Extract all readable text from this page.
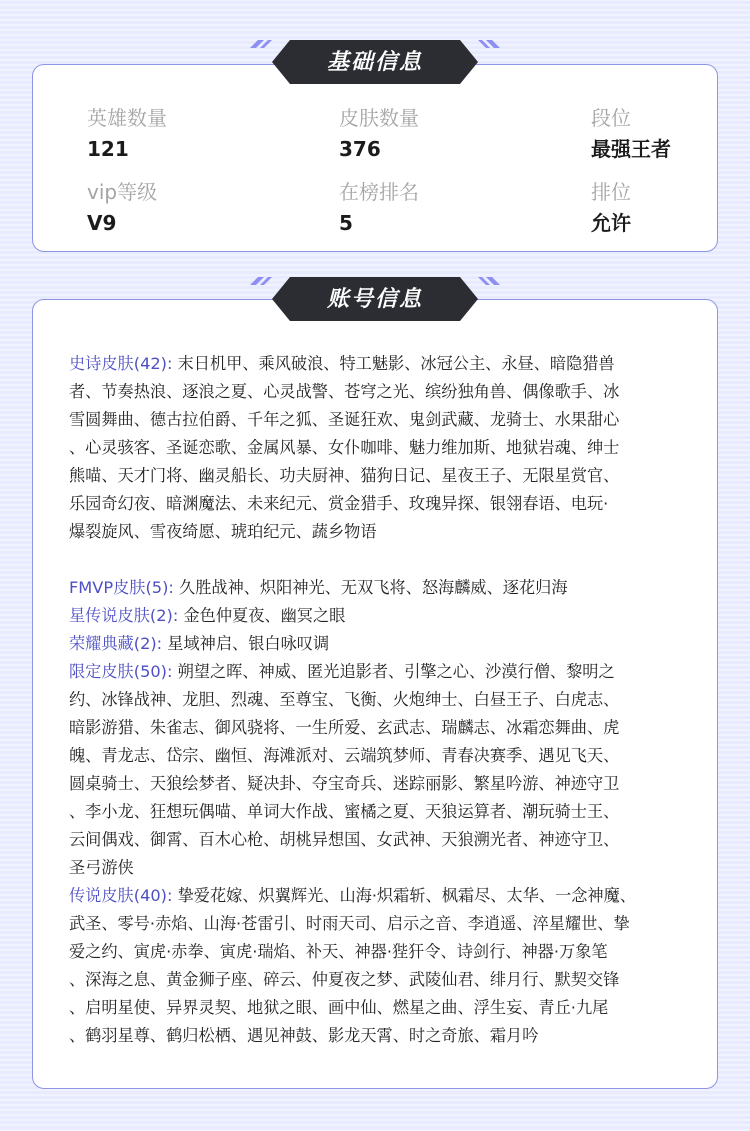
英雄数量
121
皮肤数量
376
段位
最强王者
vip等级
V9
在榜排名
5
排位
允许
史诗皮肤(42): 末日机甲、乘风破浪、特工魅影、冰冠公主、永昼、暗隐猎兽
者、节奏热浪、逐浪之夏、心灵战警、苍穹之光、缤纷独角兽、偶像歌手、冰
雪圆舞曲、德古拉伯爵、千年之狐、圣诞狂欢、鬼剑武藏、龙骑士、水果甜心
、心灵骇客、圣诞恋歌、金属风暴、女仆咖啡、魅力维加斯、地狱岩魂、绅士
熊喵、天才门将、幽灵船长、功夫厨神、猫狗日记、星夜王子、无限星赏官、
乐园奇幻夜、暗渊魔法、未来纪元、赏金猎手、玫瑰异探、银翎春语、电玩·
爆裂旋风、雪夜绮愿、琥珀纪元、蔬乡物语
FMVP皮肤(5): 久胜战神、炽阳神光、无双飞将、怒海麟威、逐花归海
星传说皮肤(2): 金色仲夏夜、幽冥之眼
荣耀典藏(2): 星域神启、银白咏叹调
限定皮肤(50): 朔望之晖、神威、匿光追影者、引擎之心、沙漠行僧、黎明之
约、冰锋战神、龙胆、烈魂、至尊宝、飞衡、火炮绅士、白昼王子、白虎志、
暗影游猎、朱雀志、御风骁将、一生所爱、玄武志、瑞麟志、冰霜恋舞曲、虎
魄、青龙志、岱宗、幽恒、海滩派对、云端筑梦师、青春决赛季、遇见飞天、
圆桌骑士、天狼绘梦者、疑决卦、夺宝奇兵、迷踪丽影、繁星吟游、神迹守卫
、李小龙、狂想玩偶喵、单词大作战、蜜橘之夏、天狼运算者、潮玩骑士王、
云间偶戏、御霄、百木心枪、胡桃异想国、女武神、天狼溯光者、神迹守卫、
圣弓游侠
传说皮肤(40): 挚爱花嫁、炽翼辉光、山海·炽霜斩、枫霜尽、太华、一念神魔、
武圣、零号·赤焰、山海·苍雷引、时雨天司、启示之音、李逍遥、淬星耀世、挚
爱之约、寅虎·赤拳、寅虎·瑞焰、补天、神器·狴犴令、诗剑行、神器·万象笔
、深海之息、黄金狮子座、碎云、仲夏夜之梦、武陵仙君、绯月行、默契交锋
、启明星使、异界灵契、地狱之眼、画中仙、燃星之曲、浮生妄、青丘·九尾
、鹤羽星尊、鹤归松栖、遇见神鼓、影龙天霄、时之奇旅、霜月吟
基础信息
账号信息
